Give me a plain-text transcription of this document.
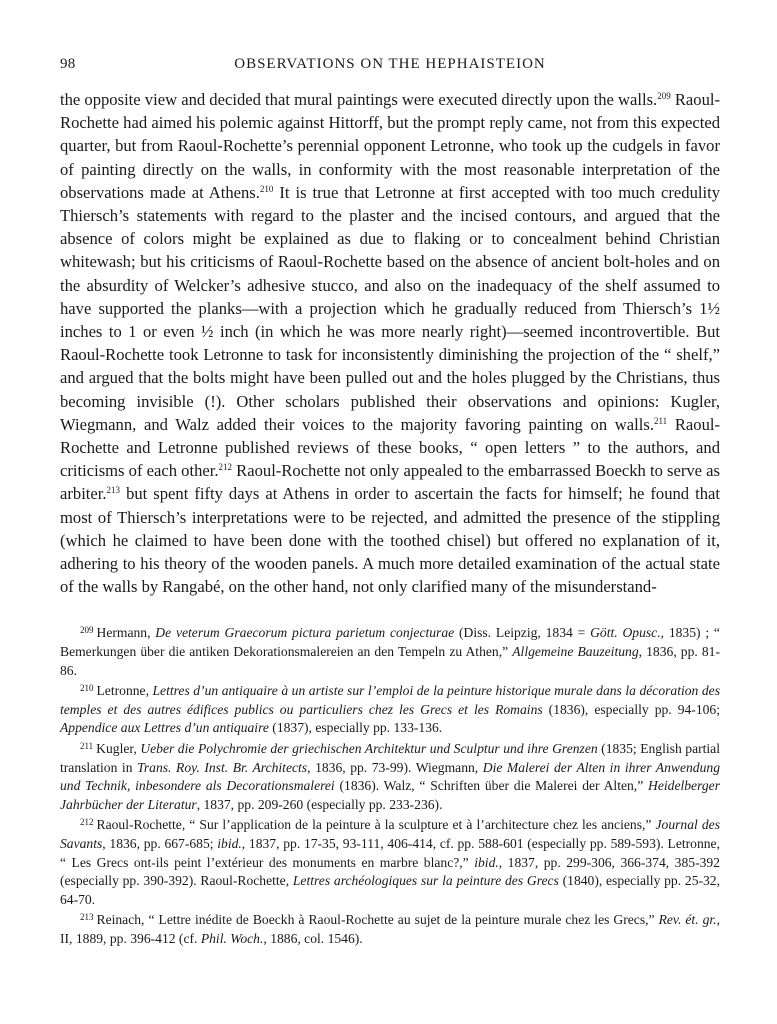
98	OBSERVATIONS ON THE HEPHAISTEION

the opposite view and decided that mural paintings were executed directly upon the walls.$^{209}$ Raoul-Rochette had aimed his polemic against Hittorff, but the prompt reply came, not from this expected quarter, but from Raoul-Rochette’s perennial opponent Letronne, who took up the cudgels in favor of painting directly on the walls, in conformity with the most reasonable interpretation of the observations made at Athens.$^{210}$ It is true that Letronne at first accepted with too much credulity Thiersch’s statements with regard to the plaster and the incised contours, and argued that the absence of colors might be explained as due to flaking or to concealment behind Christian whitewash; but his criticisms of Raoul-Rochette based on the absence of ancient bolt-holes and on the absurdity of Welcker’s adhesive stucco, and also on the inadequacy of the shelf assumed to have supported the planks—with a projection which he gradually reduced from Thiersch’s 1½ inches to 1 or even ½ inch (in which he was more nearly right)—seemed incontrovertible. But Raoul-Rochette took Letronne to task for inconsistently diminishing the projection of the “ shelf,” and argued that the bolts might have been pulled out and the holes plugged by the Christians, thus becoming invisible (!). Other scholars published their observations and opinions: Kugler, Wiegmann, and Walz added their voices to the majority favoring painting on walls.$^{211}$ Raoul-Rochette and Letronne published reviews of these books, “ open letters ” to the authors, and criticisms of each other.$^{212}$ Raoul-Rochette not only appealed to the embarrassed Boeckh to serve as arbiter.$^{213}$ but spent fifty days at Athens in order to ascertain the facts for himself; he found that most of Thiersch’s interpretations were to be rejected, and admitted the presence of the stippling (which he claimed to have been done with the toothed chisel) but offered no explanation of it, adhering to his theory of the wooden panels. A much more detailed examination of the actual state of the walls by Rangabé, on the other hand, not only clarified many of the misunderstand-

$^{209}$ Hermann, De veterum Graecorum pictura parietum conjecturae (Diss. Leipzig, 1834 = Gött. Opusc., 1835) ; “ Bemerkungen über die antiken Dekorationsmalereien an den Tempeln zu Athen,” Allgemeine Bauzeitung, 1836, pp. 81-86.

$^{210}$ Letronne, Lettres d’un antiquaire à un artiste sur l’emploi de la peinture historique murale dans la décoration des temples et des autres édifices publics ou particuliers chez les Grecs et les Romains (1836), especially pp. 94-106; Appendice aux Lettres d’un antiquaire (1837), especially pp. 133-136.

$^{211}$ Kugler, Ueber die Polychromie der griechischen Architektur und Sculptur und ihre Grenzen (1835; English partial translation in Trans. Roy. Inst. Br. Architects, 1836, pp. 73-99). Wiegmann, Die Malerei der Alten in ihrer Anwendung und Technik, inbesondere als Decorationsmalerei (1836). Walz, “ Schriften über die Malerei der Alten,” Heidelberger Jahrbücher der Literatur, 1837, pp. 209-260 (especially pp. 233-236).

$^{212}$ Raoul-Rochette, “ Sur l’application de la peinture à la sculpture et à l’architecture chez les anciens,” Journal des Savants, 1836, pp. 667-685; ibid., 1837, pp. 17-35, 93-111, 406-414, cf. pp. 588-601 (especially pp. 589-593). Letronne, “ Les Grecs ont-ils peint l’extérieur des monuments en marbre blanc?,” ibid., 1837, pp. 299-306, 366-374, 385-392 (especially pp. 390-392). Raoul-Rochette, Lettres archéologiques sur la peinture des Grecs (1840), especially pp. 25-32, 64-70.

$^{213}$ Reinach, “ Lettre inédite de Boeckh à Raoul-Rochette au sujet de la peinture murale chez les Grecs,” Rev. ét. gr., II, 1889, pp. 396-412 (cf. Phil. Woch., 1886, col. 1546).
